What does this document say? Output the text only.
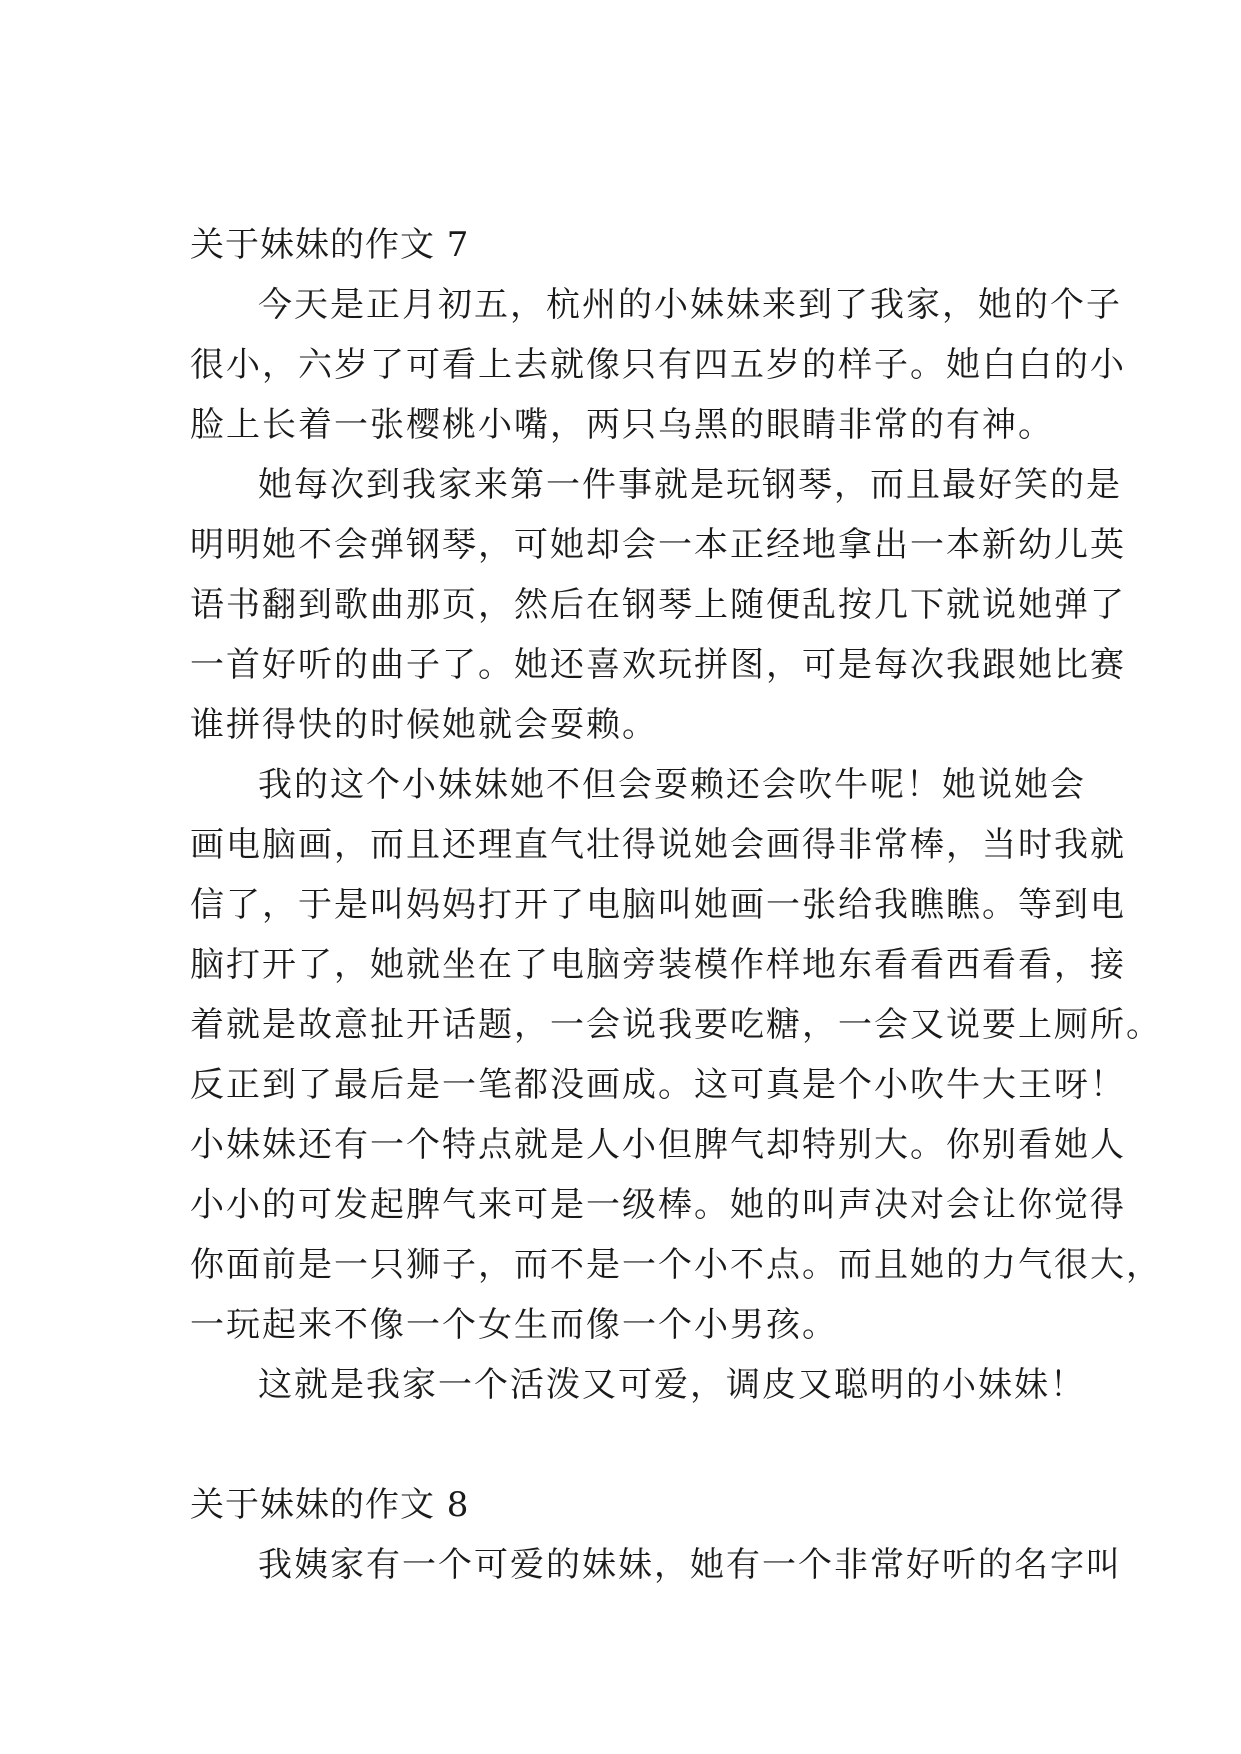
关于妹妹的作文 7
今天是正月初五，杭州的小妹妹来到了我家，她的个子
很小，六岁了可看上去就像只有四五岁的样子。她白白的小
脸上长着一张樱桃小嘴，两只乌黑的眼睛非常的有神。
她每次到我家来第一件事就是玩钢琴，而且最好笑的是
明明她不会弹钢琴，可她却会一本正经地拿出一本新幼儿英
语书翻到歌曲那页，然后在钢琴上随便乱按几下就说她弹了
一首好听的曲子了。她还喜欢玩拼图，可是每次我跟她比赛
谁拼得快的时候她就会耍赖。
我的这个小妹妹她不但会耍赖还会吹牛呢！她说她会
画电脑画，而且还理直气壮得说她会画得非常棒，当时我就
信了，于是叫妈妈打开了电脑叫她画一张给我瞧瞧。等到电
脑打开了，她就坐在了电脑旁装模作样地东看看西看看，接
着就是故意扯开话题，一会说我要吃糖，一会又说要上厕所。
反正到了最后是一笔都没画成。这可真是个小吹牛大王呀！
小妹妹还有一个特点就是人小但脾气却特别大。你别看她人
小小的可发起脾气来可是一级棒。她的叫声决对会让你觉得
你面前是一只狮子，而不是一个小不点。而且她的力气很大，
一玩起来不像一个女生而像一个小男孩。
这就是我家一个活泼又可爱，调皮又聪明的小妹妹！
关于妹妹的作文 8
我姨家有一个可爱的妹妹，她有一个非常好听的名字叫
